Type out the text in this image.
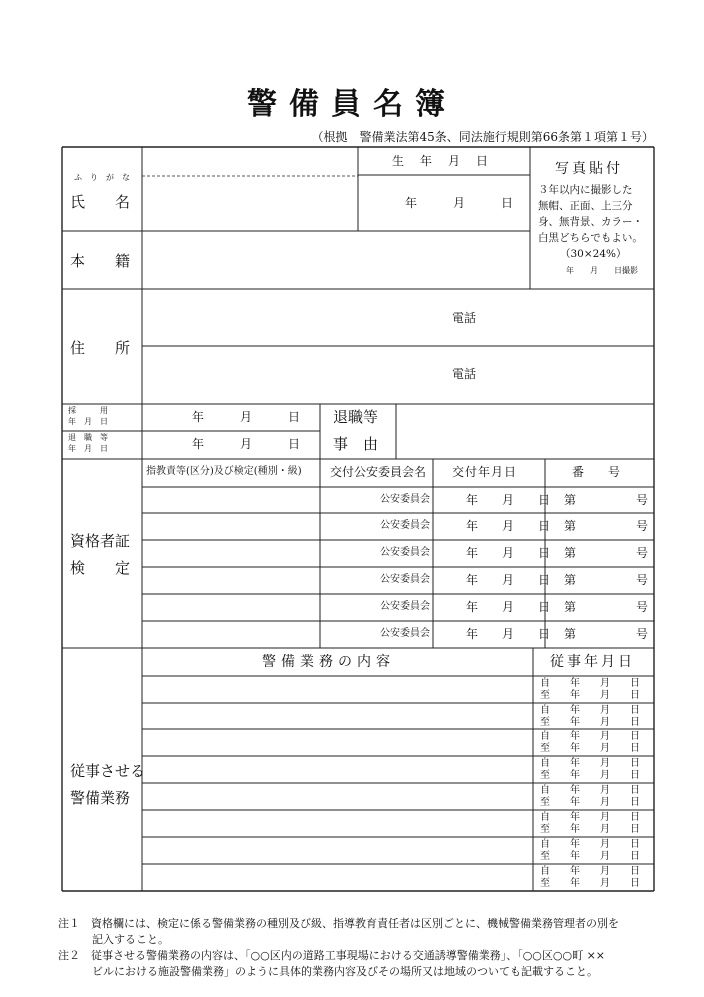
警備員名簿
（根拠　警備業法第45条、同法施行規則第66条第１項第１号）
ふ　り　が　な
氏　　名
生　年　月　日
年　　　月　　　日
本　　籍
写真貼付
３年以内に撮影した
無帽、正面、上三分
身、無背景、カラー・
白黒どちらでもよい。
（30×24%）
年　　月　　日撮影
住　　所
電話
電話
採　　　用
年　月　日
退　職　等
年　月　日
年　　　月　　　日
年　　　月　　　日
退職等
事　由
資格者証
検　　定
指教責等(区分)及び検定(種別・級) 交付公安委員会名 交付年月日	番　　号
公安委員会
公安委員会
公安委員会
公安委員会
公安委員会
公安委員会
年　　月　　日
年　　月　　日
年　　月　　日
年　　月　　日
年　　月　　日
年　　月　　日
第
第
第
第
第
第
号
号
号
号
号
号
従事させる
警備業務
警備業務の内容	従事年月日
自　　年　　月　　日
至　　年　　月　　日
自　　年　　月　　日
至　　年　　月　　日
自　　年　　月　　日
至　　年　　月　　日
自　　年　　月　　日
至　　年　　月　　日
自　　年　　月　　日
至　　年　　月　　日
自　　年　　月　　日
至　　年　　月　　日
自　　年　　月　　日
至　　年　　月　　日
自　　年　　月　　日
至　　年　　月　　日
注１　資格欄には、検定に係る警備業務の種別及び級、指導教育責任者は区別ごとに、機械警備業務管理者の別を
記入すること。
注２　従事させる警備業務の内容は、「○○区内の道路工事現場における交通誘導警備業務」、「○○区○○町 ××
ビルにおける施設警備業務」のように具体的業務内容及びその場所又は地域のついても記載すること。
